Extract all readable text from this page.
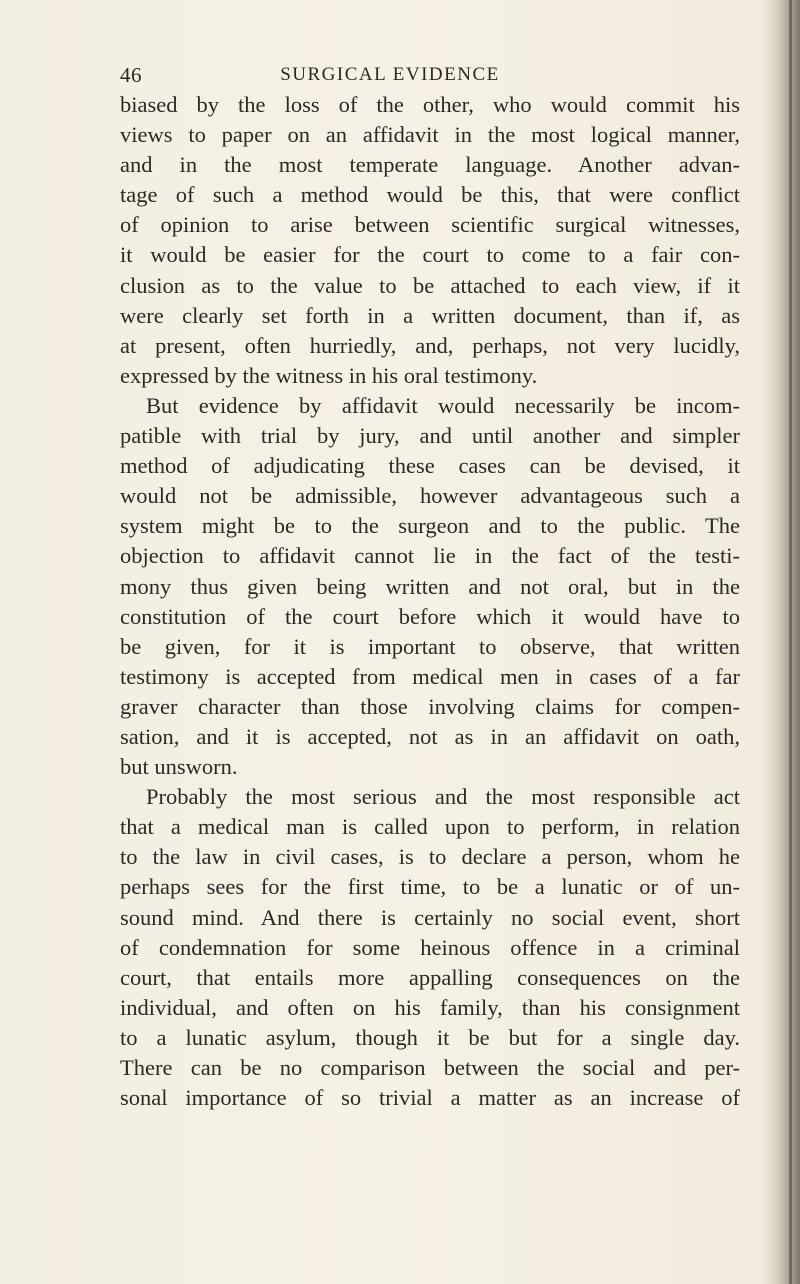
46	SURGICAL EVIDENCE
biased by the loss of the other, who would commit his
views to paper on an affidavit in the most logical manner,
and in the most temperate language. Another advan-
tage of such a method would be this, that were conflict
of opinion to arise between scientific surgical witnesses,
it would be easier for the court to come to a fair con-
clusion as to the value to be attached to each view, if it
were clearly set forth in a written document, than if, as
at present, often hurriedly, and, perhaps, not very lucidly,
expressed by the witness in his oral testimony.
But evidence by affidavit would necessarily be incom-
patible with trial by jury, and until another and simpler
method of adjudicating these cases can be devised, it
would not be admissible, however advantageous such a
system might be to the surgeon and to the public. The
objection to affidavit cannot lie in the fact of the testi-
mony thus given being written and not oral, but in the
constitution of the court before which it would have to
be given, for it is important to observe, that written
testimony is accepted from medical men in cases of a far
graver character than those involving claims for compen-
sation, and it is accepted, not as in an affidavit on oath,
but unsworn.
Probably the most serious and the most responsible act
that a medical man is called upon to perform, in relation
to the law in civil cases, is to declare a person, whom he
perhaps sees for the first time, to be a lunatic or of un-
sound mind. And there is certainly no social event, short
of condemnation for some heinous offence in a criminal
court, that entails more appalling consequences on the
individual, and often on his family, than his consignment
to a lunatic asylum, though it be but for a single day.
There can be no comparison between the social and per-
sonal importance of so trivial a matter as an increase of
